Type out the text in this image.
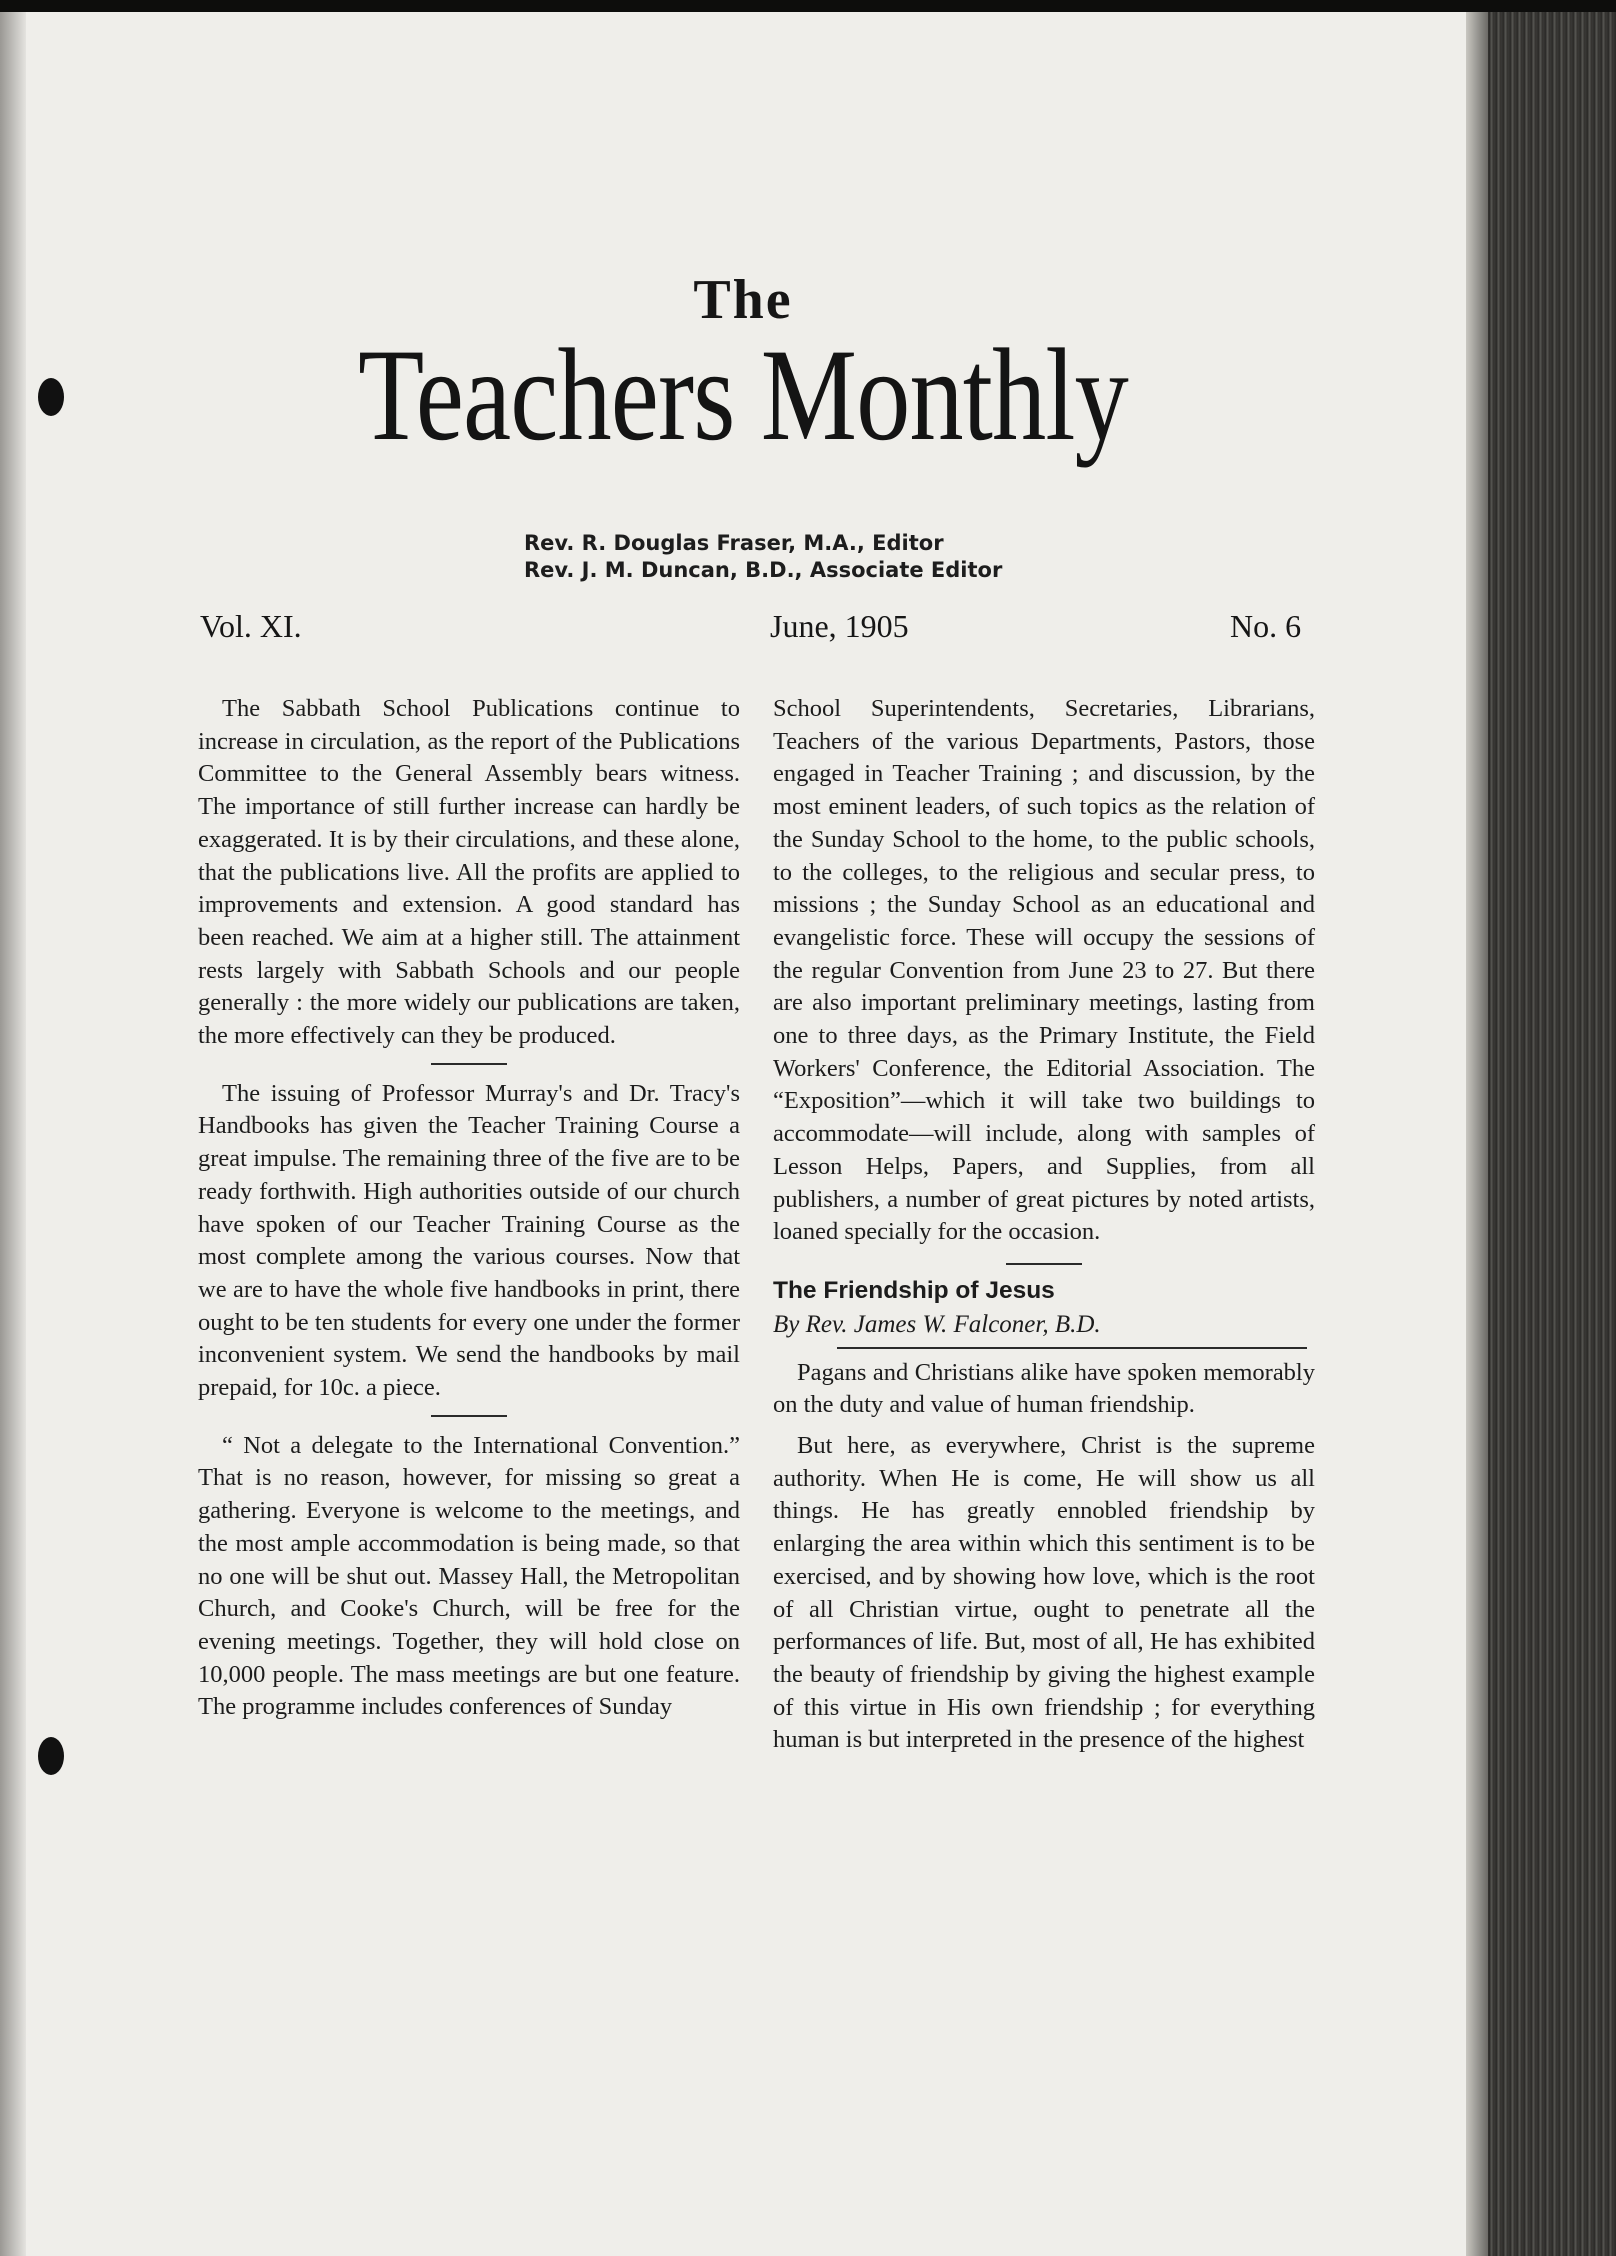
The
Teachers Monthly
Rev. R. Douglas Fraser, M.A., Editor
Rev. J. M. Duncan, B.D., Associate Editor
Vol. XI.	June, 1905	No. 6

The Sabbath School Publications continue to increase in circulation, as the report of the Publications Committee to the General Assembly bears witness. The importance of still further increase can hardly be exaggerated. It is by their circulations, and these alone, that the publications live. All the profits are applied to improvements and extension. A good standard has been reached. We aim at a higher still. The attainment rests largely with Sabbath Schools and our people generally : the more widely our publications are taken, the more effectively can they be produced.

The issuing of Professor Murray's and Dr. Tracy's Handbooks has given the Teacher Training Course a great impulse. The remaining three of the five are to be ready forthwith. High authorities outside of our church have spoken of our Teacher Training Course as the most complete among the various courses. Now that we are to have the whole five handbooks in print, there ought to be ten students for every one under the former inconvenient system. We send the handbooks by mail prepaid, for 10c. a piece.

“ Not a delegate to the International Convention.” That is no reason, however, for missing so great a gathering. Everyone is welcome to the meetings, and the most ample accommodation is being made, so that no one will be shut out. Massey Hall, the Metropolitan Church, and Cooke's Church, will be free for the evening meetings. Together, they will hold close on 10,000 people. The mass meetings are but one feature. The programme includes conferences of Sunday

School Superintendents, Secretaries, Librarians, Teachers of the various Departments, Pastors, those engaged in Teacher Training ; and discussion, by the most eminent leaders, of such topics as the relation of the Sunday School to the home, to the public schools, to the colleges, to the religious and secular press, to missions ; the Sunday School as an educational and evangelistic force. These will occupy the sessions of the regular Convention from June 23 to 27. But there are also important preliminary meetings, lasting from one to three days, as the Primary Institute, the Field Workers' Conference, the Editorial Association. The “Exposition”—which it will take two buildings to accommodate—will include, along with samples of Lesson Helps, Papers, and Supplies, from all publishers, a number of great pictures by noted artists, loaned specially for the occasion.

The Friendship of Jesus

By Rev. James W. Falconer, B.D.

Pagans and Christians alike have spoken memorably on the duty and value of human friendship.

But here, as everywhere, Christ is the supreme authority. When He is come, He will show us all things. He has greatly ennobled friendship by enlarging the area within which this sentiment is to be exercised, and by showing how love, which is the root of all Christian virtue, ought to penetrate all the performances of life. But, most of all, He has exhibited the beauty of friendship by giving the highest example of this virtue in His own friendship ; for everything human is but interpreted in the presence of the highest
